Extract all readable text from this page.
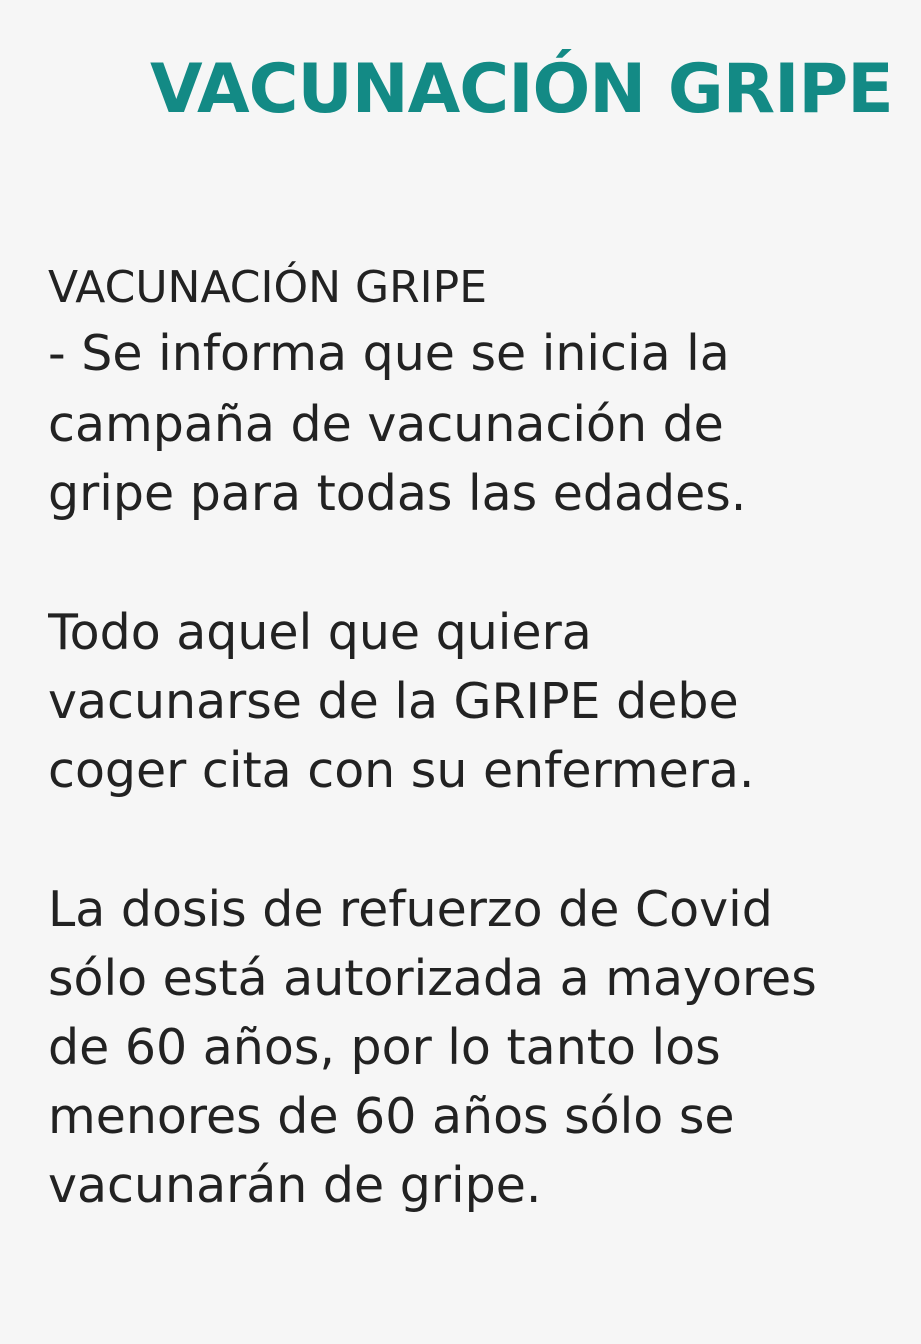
VACUNACIÓN GRIPE

VACUNACIÓN GRIPE

- Se informa que se inicia la

campaña de vacunación de

gripe para todas las edades.

Todo aquel que quiera

vacunarse de la GRIPE debe

coger cita con su enfermera.

La dosis de refuerzo de Covid

sólo está autorizada a mayores

de 60 años, por lo tanto los

menores de 60 años sólo se

vacunarán de gripe.
